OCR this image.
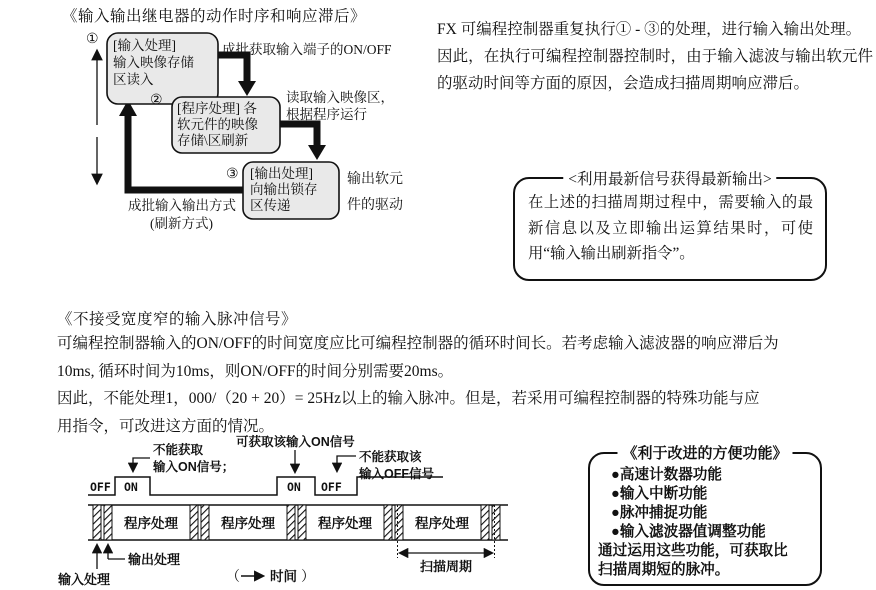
《输入输出继电器的动作时序和响应滞后》
[输入处理]
输入映像存储
区读入
①
成批获取输入端子的ON/OFF
②
[程序处理] 各
软元件的映像
存储\区刷新
读取输入映像区，
根据程序运行
③ [输出处理]
向输出锁存
区传递
输出软元
件的驱动
成批输入输出方式
(刷新方式)

FX 可编程控制器重复执行① - ③的处理，进行输入输出处理。

因此，在执行可编程控制器控制时，由于输入滤波与输出软元件的驱动时间等方面的原因，会造成扫描周期响应滞后。

<利用最新信号获得最新输出>
在上述的扫描周期过程中，需要输入的最新信息以及立即输出运算结果时，可使用“输入输出刷新指令”。
《不接受宽度窄的输入脉冲信号》
可编程控制器输入的ON/OFF的时间宽度应比可编程控制器的循环时间长。若考虑输入滤波器的响应滞后为
10ms, 循环时间为10ms，则ON/OFF的时间分别需要20ms。
因此，不能处理1，000/（20 + 20）= 25Hz以上的输入脉冲。但是，若采用可编程控制器的特殊功能与应
用指令，可改进这方面的情况。
OFF ON	ON OFF
不能获取
输入ON信号；
可获取该输入ON信号
不能获取该
输入OFF信号
程序处理	程序处理	程序处理	程序处理
扫描周期
输入处理
输出处理
（ 时间 ）
《利于改进的方便功能》
●高速计数器功能
●输入中断功能
●脉冲捕捉功能
●输入滤波器值调整功能
通过运用这些功能，可获取比
扫描周期短的脉冲。
